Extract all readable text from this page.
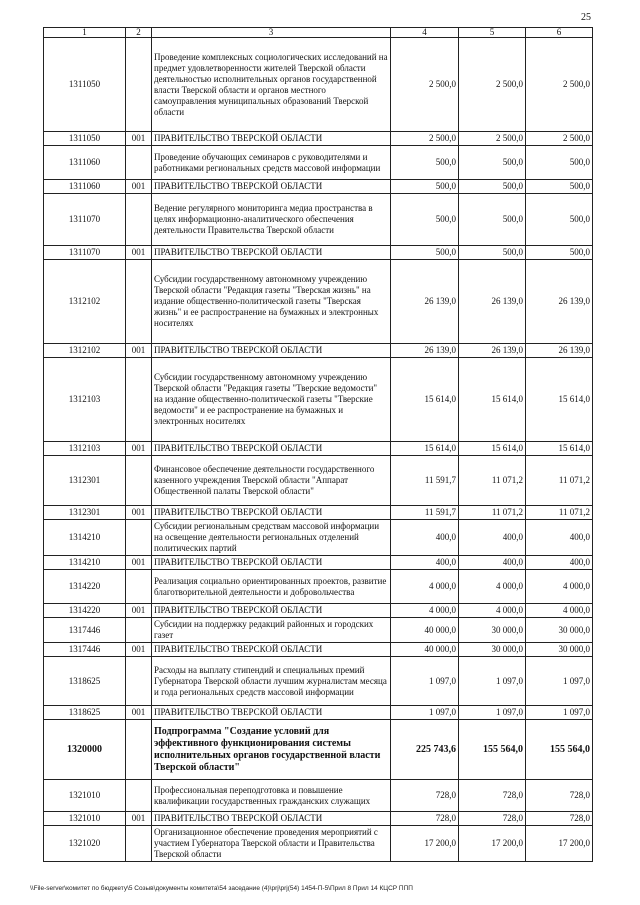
25
1	2	3	4	5	6
1311050		Проведение комплексных социологических исследований на предмет удовлетворенности жителей Тверской области деятельностью исполнительных органов государственной власти Тверской области и органов местного самоуправления муниципальных образований Тверской области	2 500,0	2 500,0	2 500,0
1311050	001	ПРАВИТЕЛЬСТВО ТВЕРСКОЙ ОБЛАСТИ	2 500,0	2 500,0	2 500,0
1311060		Проведение обучающих семинаров с руководителями и работниками региональных средств массовой информации	500,0	500,0	500,0
1311060	001	ПРАВИТЕЛЬСТВО ТВЕРСКОЙ ОБЛАСТИ	500,0	500,0	500,0
1311070		Ведение регулярного мониторинга медиа пространства в целях информационно-аналитического обеспечения деятельности Правительства Тверской области	500,0	500,0	500,0
1311070	001	ПРАВИТЕЛЬСТВО ТВЕРСКОЙ ОБЛАСТИ	500,0	500,0	500,0
1312102		Субсидии государственному автономному учреждению Тверской области "Редакция газеты "Тверская жизнь" на издание общественно-политической газеты "Тверская жизнь" и ее распространение на бумажных и электронных носителях	26 139,0	26 139,0	26 139,0
1312102	001	ПРАВИТЕЛЬСТВО ТВЕРСКОЙ ОБЛАСТИ	26 139,0	26 139,0	26 139,0
1312103		Субсидии государственному автономному учреждению Тверской области "Редакция газеты "Тверские ведомости" на издание общественно-политической газеты "Тверские ведомости" и ее распространение на бумажных и электронных носителях	15 614,0	15 614,0	15 614,0
1312103	001	ПРАВИТЕЛЬСТВО ТВЕРСКОЙ ОБЛАСТИ	15 614,0	15 614,0	15 614,0
1312301		Финансовое обеспечение деятельности государственного казенного учреждения Тверской области "Аппарат Общественной палаты Тверской области"	11 591,7	11 071,2	11 071,2
1312301	001	ПРАВИТЕЛЬСТВО ТВЕРСКОЙ ОБЛАСТИ	11 591,7	11 071,2	11 071,2
1314210		Субсидии региональным средствам массовой информации на освещение деятельности региональных отделений политических партий	400,0	400,0	400,0
1314210	001	ПРАВИТЕЛЬСТВО ТВЕРСКОЙ ОБЛАСТИ	400,0	400,0	400,0
1314220		Реализация социально ориентированных проектов, развитие благотворительной деятельности и добровольчества	4 000,0	4 000,0	4 000,0
1314220	001	ПРАВИТЕЛЬСТВО ТВЕРСКОЙ ОБЛАСТИ	4 000,0	4 000,0	4 000,0
1317446		Субсидии на поддержку редакций районных и городских газет	40 000,0	30 000,0	30 000,0
1317446	001	ПРАВИТЕЛЬСТВО ТВЕРСКОЙ ОБЛАСТИ	40 000,0	30 000,0	30 000,0
1318625		Расходы на выплату стипендий и специальных премий Губернатора Тверской области лучшим журналистам месяца и года региональных средств массовой информации	1 097,0	1 097,0	1 097,0
1318625	001	ПРАВИТЕЛЬСТВО ТВЕРСКОЙ ОБЛАСТИ	1 097,0	1 097,0	1 097,0
1320000		Подпрограмма "Создание условий для эффективного функционирования системы исполнительных органов государственной власти Тверской области"	225 743,6	155 564,0	155 564,0
1321010		Профессиональная переподготовка и повышение квалификации государственных гражданских служащих	728,0	728,0	728,0
1321010	001	ПРАВИТЕЛЬСТВО ТВЕРСКОЙ ОБЛАСТИ	728,0	728,0	728,0
1321020		Организационное обеспечение проведения мероприятий с участием Губернатора Тверской области и Правительства Тверской области	17 200,0	17 200,0	17 200,0
\\File-server\комитет по бюджету\5 Созыв\документы комитета\54 заседание (4)\prj\prj(54) 1454-П-5\Прил 8 Прил 14 КЦСР ППП
